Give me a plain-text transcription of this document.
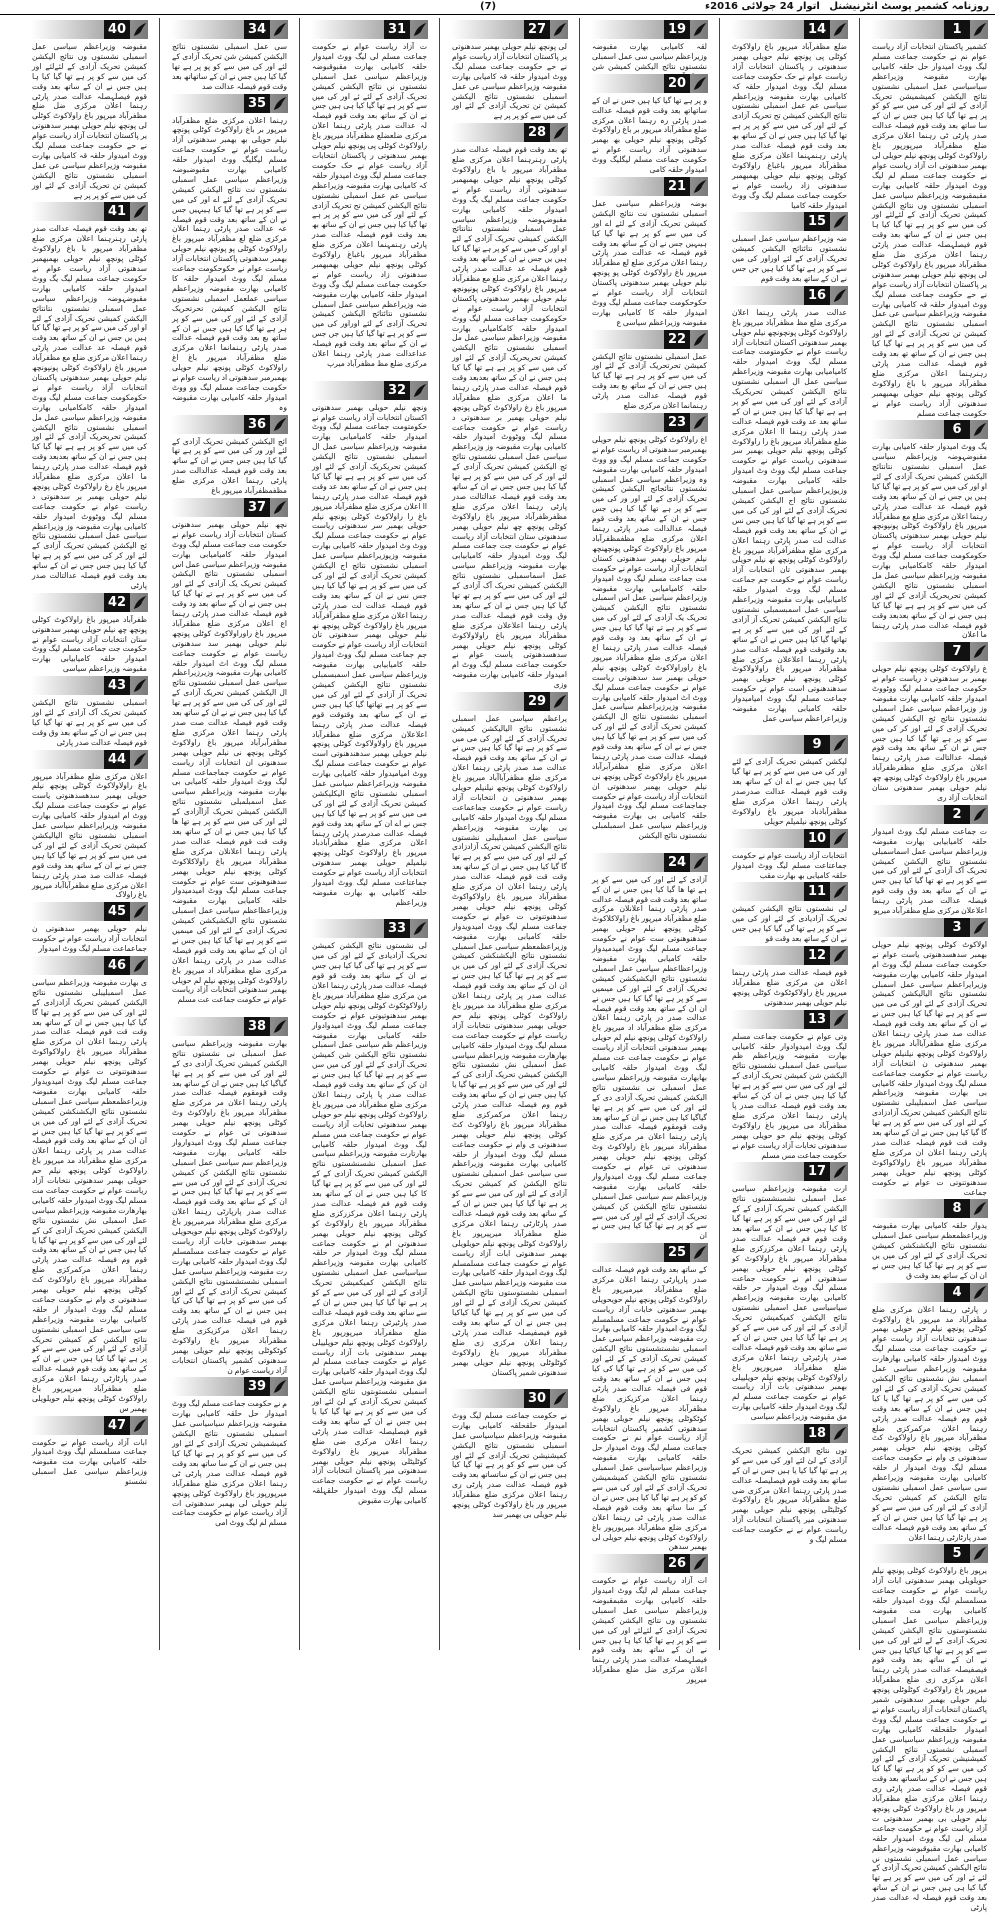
(7)	روزنامہ کشمیر پوسٹ انٹرنیشنل اتوار 24 جولائی 2016ء
1
کشمیر پاکستان انتخابات آزاد ریاست عوام نم نے حکومت جماعت مسلم لیگ ووٹ امیدوار حل حلقہ کامیابی بھارت مقبوضہ وزیراعظم سیاسیاسی عمل اسمبلی نشستوں نتائج الیکشن کمیشمیشن تحریک آزادی کے لئے اور کی میں سے کو کو پر ہے تھا گیا کیا ہیں جس نے ان کے سا ساتھ بعد وقت قوم فیصلہ عدالت صدر پارٹی ٹی رہنما اعلان مرکزی ضلع مظفرآباد میرپورپور باغ راولاکوٹ کوٹلی پونچھ نیلم حویلی لی بھمبر سدھنوتی ات آزاد ریاست عوام نے حکومت جماعت مسلم لم لیگ ووٹ امیدوار حلقہ کامیابی بھارت مقبمقبوضہ وزیراعظم سیاسی عمل اسمبلی نشستوں وں نتائج الیکشن کمیشن تحریک آزادی کے لئےلئے اور کی میں سے کو پر ہے تھا گیا کیا ہا ہیں جس نے ان کے ساتھ بعد وقت قوم فیصلہصلہ عدالت صدر پارٹی رہنما اعلان مرکزی ضل ضلع مظفرآباد میرپور باغ راولاکوٹ کوٹلی لی پونچھ نیلم حویلی بھمبر سدھنوتی یر پاکستان انتخابات آزاد ریاست عوام نے حے حکومت جماعت مسلم لیگ ووٹ امیدوار حلقہ قہ کامیابی بھارت مقبوضہ وزیراعظم سیاسی عی عمل اسمبلی نشستوں نتائج الیکشن کمیشن تن تحریک آزادی کے لئے اور کی میں سے کو پر پر ہے تھا گیا کیا ہیں جس نے ان کے ساتھ تھ بعد وقت قوم فیصلہ عدالت صدر پارٹی رہنرہنما اعلان مرکزی ضلع مظفرآباد میرپور با باغ راولاکوٹ کوٹلی پونچھ نیلم حویلی بھمبھمبر سدھنوتی آزاد ریاست عوام نے حکومت جماعت مسلم
6
یگ ووٹ امیدوار حلقہ کامیابی بھارت مقبوضہوضہ وزیراعظم سیاسی عمل اسمبلی نشستوں نتانتائج الیکشن کمیشن تحریک آزادی کے لئے او اور کی میں سے کو پر ہے تھا گیا کیا ہیں یں جس نے ان کے ساتھ بعد وقت قوم فیصلہ عد عدالت صدر پارٹی رہنما اعلان مرکزی ضلع مع مظفرآباد میرپور باغ راولاکوٹ کوٹلی پونپونچھ نیلم حویلی بھمبر سدھنوتی پاکستان انتخابات آزاد ریاست عوام نے حکومکومت جماعت مسلم لیگ ووٹ امیدوار حلقہ کامکامیابی بھارت مقبوضہ وزیراعظم سیاسی عمل مل اسمبلی نشستوں نتائج الیکشن کمیشن تحریحریک آزادی کے لئے اور کی میں سے کو پر ہے ہے تھا گیا کیا ہیں جس نے ان کے ساتھ بعدبعد وقت قوم فیصلہ عدالت صدر پارٹی رہنما ما اعلان
7
غ راولاکوٹ کوٹلی پونچھ نیلم حویلی بھمبر بر سدھنوتی د ریاست عوام نے حکومت جماعت مسلم لیگ ووٹووٹ امیدوار حلقہ کامیابی بھارت مقبوضہ وز وزیراعظم سیاسی عمل اسمبلی نشستوں نتائج ئج الیکشن کمیشن تحریک آزادی کے لئے اور کر کی میں سے کو پر ہے تھا گیا کیا ہیں جس جس نے ان کے ساتھ بعد وقت قوم فیصلہ عدالتالت صدر پارٹی رہنما اعلان مرکزی ضلع مظفرظفرآباد میرپور باغ راولاکوٹ کوٹلی پونچھ چھ نیلم حویلی بھمبر سدھنوتی ستان انتخابات آزاد ری
2
ت جماعت مسلم لیگ ووٹ امیدوار حلقہ کامیابیابی بھارت مقبوضہ وزیراعظم سیاسی عمل اسماسمبلی نشستوں نتائج الیکشن کمیشن تحریک آک آزادی کے لئے اور کی میں سے کو پر ہے تھ تھا گیا کیا ہیں جس نے ان کے ساتھ بعد وق وقت قوم فیصلہ عدالت صدر پارٹی رہنما اعلاعلان مرکزی ضلع مظفرآباد میرپو
3
اولاکوٹ کوٹلی پونچھ نیلم حویلی بھمبر سدھسدھنوتی یاست عوام نے حکومت جماعت مسلم لیگ ووٹ ام امیدوار حلقہ کامیابی بھارت مقبوضہ وزیرایراعظم سیاسی عمل اسمبلی نشستوں نتائج الیالیکشن کمیشن تحریک آزادی کے لئے اور کی می میں سے کو پر ہے تھا گیا کیا ہیں جس نے نے ان کے ساتھ بعد وقت قوم فیصلہ عدالت صد صدر پارٹی رہنما اعلان مرکزی ضلع مظفرآباآباد میرپور باغ راولاکوٹ کوٹلی پونچھ نیلنیلم حویلی بھمبر سدھنوتی ن انتخابات آزاد ریاست عوام نے حکومت جماعماعت مسلم لیگ ووٹ امیدوار حلقہ کامیابی بی بھارت مقبوضہ وزیراعظم سیاسی عمل اسمبلیبلی نشستوں نتائج الیکشن کمیشن تحریک آزادزادی کے لئے اور کی میں سے کو پر ہے تھا گا گیا کیا ہیں جس نے ان کے ساتھ بعد وقت قت قوم فیصلہ عدالت صدر پارٹی رہنما اعلان ان مرکزی ضلع مظفرآباد میرپور باغ راولاکواکوٹ کوٹلی پونچھ نیلم حویلی بھمبر سدھنوتنوتی ت عوام نے حکومت جماعت
8
یدوار حلقہ کامیابی بھارت مقبوضہ وزیراعظمعظم سیاسی عمل اسمبلی نشستوں نتائج الیکشنکشن کمیشن تحریک آزادی کے لئے اور کی میں یں سے کو پر ہے تھا گیا کیا ہیں جس نے ان ان کے ساتھ بعد وقت ق
4
ر پارٹی رہنما اعلان مرکزی ضلع مظفرآباد مد میرپور باغ راولاکوٹ کوٹلی پونچھ نیلم حم حویلی بھمبر سدھنوتی نتخابات آزاد ریاست عوام نے حکومت جماعت مت مسلم لیگ ووٹ امیدوار حلقہ کامیابی بھارھارت مقبوضہ وزیراعظم سیاسی عمل اسمبلی نش نشستوں نتائج الیکشن کمیشن تحریک آزادی کی کے لئے اور کی میں سے کو پر ہے تھا گیا یا کیا ہیں جس نے ان کے ساتھ بعد وقت قوم وم فیصلہ عدالت صدر پارٹی رہنما اعلان مرکمرکزی ضلع مظفرآباد میرپور باغ راولاکوٹ کٹ کوٹلی پونچھ نیلم حویلی بھمبر سدھنوتی ی وام نے حکومت جماعت مسلم لیگ ووٹ امیدوار ار حلقہ کامیابی بھارت مقبوضہ وزیراعظم سی سیاسی عمل اسمبلی نشستوں نتائج الیکشن کم کمیشن تحریک آزادی کے لئے اور کی میں سے سے کو پر ہے تھا گیا کیا ہیں جس نے ان کے کے ساتھ بعد وقت قوم فیصلہ عدالت صدر پارٹارٹی رہنما اعلان
5
یرپور باغ راولاکوٹ کوٹلی پونچھ نیلم حویلویلی بھمبر سدھنوتی ابات آزاد ریاست عوام نے حکومت جماعت مسلمسلم لیگ ووٹ امیدوار حلقہ کامیابی بھارت مت مقبوضہ وزیراعظم سیاسی عمل اسمبلی نشستوستوں نتائج الیکشن کمیشن تحریک آزادی کے لے لئے اور کی میں سے کو پر ہے تھا گیا کیاکیا ہیں جس نے ان کے ساتھ بعد وقت قوم فیصفیصلہ عدالت صدر پارٹی رہنما اعلان مرکزی زی ضلع مظفرآباد میرپور باغ راولاکوٹ کوٹلوٹلی پونچھ نیلم حویلی بھمبر سدھنوتی شمیر پاکستان انتخابات آزاد ریاست عوام نے نے حکومت جماعت مسلم لیگ ووٹ امیدوار حلقحلقہ کامیابی بھارت مقبوضہ وزیراعظم سیاسیاسی عمل اسمبلی نشستوں نتائج الیکشن کمیشنیشن تحریک آزادی کے لئے اور کی میں سے کو کو پر ہے تھا گیا کیا ہیں جس نے ان کے ساتساتھ بعد وقت قوم فیصلہ عدالت صدر پارٹی ری رہنما اعلان مرکزی ضلع مظفرآباد میرپور ور باغ راولاکوٹ کوٹلی پونچھ نیلم حویلی بی بھمبر سدھنوتی ت آزاد ریاست عوام نے حکومت جماعت مسلم لی لیگ ووٹ امیدوار حلقہ کامیابی بھارت مقبوقبوضہ وزیراعظم سیاسی عمل اسمبلی نشستوں نں نتائج الیکشن کمیشن تحریک آزادی کے لئے ئے اور کی میں سے کو پر ہے تھا گیا کیا ہی ہیں جس نے ان کے ساتھ بعد وقت قوم فیصلہ لہ عدالت صدر پارٹی
14
ضلع مظفرآباد میرپور باغ راولاکوٹ کوٹلی پی پونچھ نیلم حویلی بھمبر سدھنوتی ر پاکستان انتخابات آزاد ریاست عوام نے حک حکومت جماعت مسلم لیگ ووٹ امیدوار حلقہ کہ کامیابی بھارت مقبوضہ وزیراعظم سیاسی عم عمل اسمبلی نشستوں نتائج الیکشن کمیشن تح تحریک آزادی کے لئے اور کی میں سے کو پر پر ہے تھا گیا کیا ہیں جس نے ان کے ساتھ بھ بعد وقت قوم فیصلہ عدالت صدر پارٹی رہنمہنما اعلان مرکزی ضلع مظفرآباد میرپور باغباغ راولاکوٹ کوٹلی پونچھ نیلم حویلی بھمبھمبر سدھنوتی زاد ریاست عوام نے حکومت جماعت مسلم لیگ وگ ووٹ امیدوار حلقہ کامیا
15
ضہ وزیراعظم سیاسی عمل اسمبلی نشستوں نتائتائج الیکشن کمیشن تحریک آزادی کے لئے اوراور کی میں سے کو پر ہے تھا گیا کیا ہیں جں جس نے ان کے ساتھ بعد وقت قوم
16
عدالت صدر پارٹی رہنما اعلان مرکزی ضلع مظ مظفرآباد میرپور باغ راولاکوٹ کوٹلی پونچونچھ نیلم حویلی بھمبر سدھنوتی اکستان انتخابات آزاد ریاست عوام نے حکومتومت جماعت مسلم لیگ ووٹ امیدوار حلقہ کامیامیابی بھارت مقبوضہ وزیراعظم سیاسی عمل ال اسمبلی نشستوں نتائج الیکشن کمیشن تحریکریک آزادی کے لئے اور کی میں سے کو پر ہے ہے تھا گیا کیا ہیں جس نے ان کے ساتھ بعد عد وقت قوم فیصلہ عدالت صدر پارٹی رہنما اا اعلان مرکزی ضلع مظفرآباد میرپور باغ را راولاکوٹ کوٹلی پونچھ نیلم حویلی بھمبر سر سدھنوتی ریاست عوام نے حکومت جماعت مسلم لیگ ووٹ وٹ امیدوار حلقہ کامیابی بھارت مقبوضہ وزیوزیراعظم سیاسی عمل اسمبلی نشستوں نتائج اج الیکشن کمیشن تحریک آزادی کے لئے اور کی کی میں سے کو پر ہے تھا گیا کیا ہیں جس نس نے ان کے ساتھ بعد وقت قوم فیصلہ عدالت لت صدر پارٹی رہنما اعلان مرکزی ضلع مظفرآفرآباد میرپور باغ راولاکوٹ کوٹلی پونچھ نھ نیلم حویلی بھمبر سدھنوتی تان انتخابات آزاد ریاست عوام نے حکومت جم جماعت مسلم لیگ ووٹ امیدوار حلقہ کامیابیابی بھارت مقبوضہ وزیراعظم سیاسی عمل اسمبسمبلی نشستوں نتائج الیکشن کمیشن تحریک آز آزادی کے لئے اور کی میں سے کو پر ہے تھاتھا گیا کیا ہیں جس نے ان کے ساتھ بعد وقتوقت قوم فیصلہ عدالت صدر پارٹی رہنما اعلاعلان مرکزی ضلع مظفرآباد میرپور باغ راولاولاکوٹ کوٹلی پونچھ نیلم حویلی بھمبر سدھندھنوتی است عوام نے حکومت جماعت مسلم لیگ ووٹ امیامیدوار حلقہ کامیابی بھارت مقبوضہ وزیراعراعظم سیاسی عمل
9
لیکشن کمیشن تحریک آزادی کے لئے اور کی می میں سے کو پر ہے تھا گیا کیا ہیں جس نے اے ان کے ساتھ بعد وقت قوم فیصلہ عدالت صدرصدر پارٹی رہنما اعلان مرکزی ضلع مظفرآبادباد میرپور باغ راولاکوٹ کوٹلی پونچھ نیلمیلم حویلی
10
انتخابات آزاد ریاست عوام نے حکومت جماعتاعت مسلم لیگ ووٹ امیدوار حلقہ کامیابی بھ بھارت مقب
11
لی نشستوں نتائج الیکشن کمیشن تحریک آزادیادی کے لئے اور کی میں سے کو پر ہے تھا گی گیا کیا ہیں جس نے ان کے ساتھ بعد وقت قو
12
قوم فیصلہ عدالت صدر پارٹی رہنما اعلان من مرکزی ضلع مظفرآباد میرپور باغ راولاکوٹکوٹ کوٹلی پونچھ نیلم حویلی بھمبر سدھنوتی
13
وتی عوام نے حکومت جماعت مسلم لیگ ووٹ امیدوادوار حلقہ کامیابی بھارت مقبوضہ وزیراعظم ظم سیاسی عمل اسمبلی نشستوں نتائج الیکشن شن کمیشن تحریک آزادی کے لئے اور کی میں سں سے کو پر ہے تھا گیا کیا ہیں جس نے ان کن کے ساتھ بعد وقت قوم فیصلہ عدالت صدر پا پارٹی رہنما اعلان مرکزی ضلع مظفرآباد می میرپور باغ راولاکوٹ کوٹلی پونچھ نیلم حو حویلی بھمبر سدھنوتی تخابات آزاد ریاست عوام نے حکومت جماعت مس مسلم
17
ارت مقبوضہ وزیراعظم سیاسی عمل اسمبلی نشسنشستوں نتائج الیکشن کمیشن تحریک آزادی کے کے لئے اور کی میں سے کو پر ہے تھا گیا کا کیا ہیں جس نے ان کے ساتھ بعد وقت قوم فم فیصلہ عدالت صدر پارٹی رہنما اعلان مرکزرکزی ضلع مظفرآباد میرپور باغ راولاکوٹ کو کوٹلی پونچھ نیلم حویلی بھمبر سدھنوتی ام نے حکومت جماعت مسلم لیگ ووٹ امیدوار حر حلقہ کامیابی بھارت مقبوضہ وزیراعظم سیاسیاسی عمل اسمبلی نشستوں نتائج الیکشن کمیکمیشن تحریک آزادی کے لئے اور کی میں سے کے کو پر ہے تھا گیا کیا ہیں جس نے ان کے سے ساتھ بعد وقت قوم فیصلہ عدالت صدر پارٹیرٹی رہنما اعلان مرکزی ضلع مظفرآباد میرپورپور باغ راولاکوٹ کوٹلی پونچھ نیلم حویلییلی بھمبر سدھنوتی بات آزاد ریاست عوام نے حکومت جماعت مسلم لم لیگ ووٹ امیدوار حلقہ کامیابی بھارت مق مقبوضہ وزیراعظم سیاسی
18
توں نتائج الیکشن کمیشن تحریک آزادی کے لئ لئے اور کی میں سے کو پر ہے تھا گیا کیا یا ہیں جس نے ان کے ساتھ بعد وقت قوم فیصلیصلہ عدالت صدر پارٹی رہنما اعلان مرکزی ضی ضلع مظفرآباد میرپور باغ راولاکوٹ کوٹلیٹلی پونچھ نیلم حویلی بھمبر سدھنوتی میر پاکستان انتخابات آزاد ریاست عوام نے نے حکومت جماعت مسلم لیگ و
19
لقہ کامیابی بھارت مقبوضہ وزیراعظم سیاسی سی عمل اسمبلی نشستوں نتائج الیکشن کمیشن شن
20
و پر ہے تھا گیا کیا ہیں جس نے ان کے ساتھاتھ بعد وقت قوم فیصلہ عدالت صدر پارٹی رہ رہنما اعلان مرکزی ضلع مظفرآباد میرپور بر باغ راولاکوٹ کوٹلی پونچھ نیلم حویلی بھ بھمبر سدھنوتی آزاد ریاست عوام نے حکومت جماعت مسلم لیگلیگ ووٹ امیدوار حلقہ کامی
21
بوضہ وزیراعظم سیاسی عمل اسمبلی نشستوں نت نتائج الیکشن کمیشن تحریک آزادی کے لئے اے اور کی میں سے کو پر ہے تھا گیا کیا ہیںہیں جس نے ان کے ساتھ بعد وقت قوم فیصلہ عہ عدالت صدر پارٹی رہنما اعلان مرکزی ضلع لع مظفرآباد میرپور باغ راولاکوٹ کوٹلی پو پونچھ نیلم حویلی بھمبر سدھنوتی پاکستان انتخابات آزاد ریاست عوام نے حکوحکومت جماعت مسلم لیگ ووٹ امیدوار حلقہ کا کامیابی بھارت مقبوضہ وزیراعظم سیاسی ع
22
عمل اسمبلی نشستوں نتائج الیکشن کمیشن تحرتحریک آزادی کے لئے اور کی میں سے کو پر ہر ہے تھا گیا کیا ہیں جس نے ان کے ساتھ بع بعد وقت قوم فیصلہ عدالت صدر پارٹی رہنمانما اعلان مرکزی ضلع
23
اغ راولاکوٹ کوٹلی پونچھ نیلم حویلی بھمبرمبر سدھنوتی اد ریاست عوام نے حکومت جماعت مسلم لیگ وو ووٹ امیدوار حلقہ کامیابی بھارت مقبوضہ وہ وزیراعظم سیاسی عمل اسمبلی نشستوں نتائجائج الیکشن کمیشن تحریک آزادی کے لئے اور ور کی میں سے کو پر ہے تھا گیا کیا ہیں جس جس نے ان کے ساتھ بعد وقت قوم فیصلہ عدالدالت صدر پارٹی رہنما اعلان مرکزی ضلع مظفمظفرآباد میرپور باغ راولاکوٹ کوٹلی پونچھنچھ نیلم حویلی بھمبر سدھنوتی کستان انتخابات آزاد ریاست عوام نے حکومت مت جماعت مسلم لیگ ووٹ امیدوار حلقہ کامیامیابی بھارت مقبوضہ وزیراعظم سیاسی عمل اس اسمبلی نشستوں نتائج الیکشن کمیشن تحریک یک آزادی کے لئے اور کی میں سے کو پر ہے تے تھا گیا کیا ہیں جس نے ان کے ساتھ بعد ود وقت قوم فیصلہ عدالت صدر پارٹی رہنما اع اعلان مرکزی ضلع مظفرآباد میرپور باغ راوراولاکوٹ کوٹلی پونچھ نیلم حویلی بھمبر سد سدھنوتی ریاست عوام نے حکومت جماعت مسلم لیگ ووٹ اٹ امیدوار حلقہ کامیابی بھارت مقبوضہ وزیرزیراعظم سیاسی عمل اسمبلی نشستوں نتائج ال الیکشن کمیشن تحریک آزادی کے لئے اور کی کی میں سے کو پر ہے تھا گیا کیا ہیں جس نے نے ان کے ساتھ بعد وقت قوم فیصلہ عدالت صت صدر پارٹی رہنما اعلان مرکزی ضلع مظفرآبرآباد میرپور باغ راولاکوٹ کوٹلی پونچھ نی نیلم حویلی بھمبر سدھنوتی ان انتخابات آزاد ریاست عوام نے حکومت جماجماعت مسلم لیگ ووٹ امیدوار حلقہ کامیابی بی بھارت مقبوضہ وزیراعظم سیاسی عمل اسمبلمبلی نشستوں نتائج الیکشن
24
آزادی کے لئے اور کی میں سے کو پر ہے تھا ھا گیا کیا ہیں جس نے ان کے ساتھ بعد وقت قت قوم فیصلہ عدالت صدر پارٹی رہنما اعلانلان مرکزی ضلع مظفرآباد میرپور باغ راولاکلاکوٹ کوٹلی پونچھ نیلم حویلی بھمبر سدھنوھنوتی ست عوام نے حکومت جماعت مسلم لیگ ووٹ امیدمیدوار حلقہ کامیابی بھارت مقبوضہ وزیراعظاعظم سیاسی عمل اسمبلی نشستوں نتائج الیکشیکشن کمیشن تحریک آزادی کے لئے اور کی میںمیں سے کو پر ہے تھا گیا کیا ہیں جس نے ان ان کے ساتھ بعد وقت قوم فیصلہ عدالت صدر در پارٹی رہنما اعلان مرکزی ضلع مظفرآباد اد میرپور باغ راولاکوٹ کوٹلی پونچھ نیلم لم حویلی بھمبر سدھنوتی انتخابات آزاد ریاست عوام نے حکومت جماعت عت مسلم لیگ ووٹ امیدوار حلقہ کامیابی بھابھارت مقبوضہ وزیراعظم سیاسی عمل اسمبلی نی نشستوں نتائج الیکشن کمیشن تحریک آزادی دی کے لئے اور کی میں سے کو پر ہے تھا گیاگیا کیا ہیں جس نے ان کے ساتھ بعد وقت قومقوم فیصلہ عدالت صدر پارٹی رہنما اعلان مر مرکزی ضلع مظفرآباد میرپور باغ راولاکوٹ وٹ کوٹلی پونچھ نیلم حویلی بھمبر سدھنوتی تی عوام نے حکومت جماعت مسلم لیگ ووٹ امیدواروار حلقہ کامیابی بھارت مقبوضہ وزیراعظم سم سیاسی عمل اسمبلی نشستوں نتائج الیکشن کن کمیشن تحریک آزادی کے لئے اور کی میں سے سے کو پر ہے تھا گیا کیا ہیں جس نے ان
25
کے ساتھ بعد وقت قوم فیصلہ عدالت صدر پارپارٹی رہنما اعلان مرکزی ضلع مظفرآباد میرمیرپور باغ راولاکوٹ کوٹلی پونچھ نیلم حویحویلی بھمبر سدھنوتی خابات آزاد ریاست عوام نے حکومت جماعت مسلمسلم لیگ ووٹ امیدوار حلقہ کامیابی بھارت رت مقبوضہ وزیراعظم سیاسی عمل اسمبلی نشستشستوں نتائج الیکشن کمیشن تحریک آزادی کے کے لئے اور کی میں سے کو پر ہے تھا گیا کی کیا ہیں جس نے ان کے ساتھ بعد وقت قوم فی فیصلہ عدالت صدر پارٹی رہنما اعلان مرکزیکزی ضلع مظفرآباد میرپور باغ راولاکوٹ کوٹکوٹلی پونچھ نیلم حویلی بھمبر سدھنوتی کشمیر پاکستان انتخابات آزاد ریاست عوام نم نے حکومت جماعت مسلم لیگ ووٹ امیدوار حل حلقہ کامیابی بھارت مقبوضہ وزیراعظم سیاسیاسی عمل اسمبلی نشستوں نتائج الیکشن کمیشمیشن تحریک آزادی کے لئے اور کی میں سے کو کو پر ہے تھا گیا کیا ہیں جس نے ان کے سا ساتھ بعد وقت قوم فیصلہ عدالت صدر پارٹی ٹی رہنما اعلان مرکزی ضلع مظفرآباد میرپورپور باغ راولاکوٹ کوٹلی پونچھ نیلم حویلی لی بھمبر سدھن
26
ات آزاد ریاست عوام نے حکومت جماعت مسلم لم لیگ ووٹ امیدوار حلقہ کامیابی بھارت مقبمقبوضہ وزیراعظم سیاسی عمل اسمبلی نشستوں وں نتائج الیکشن کمیشن تحریک آزادی کے لئےلئے اور کی میں سے کو پر ہے تھا گیا کیا ہا ہیں جس نے ان کے ساتھ بعد وقت قوم فیصلہصلہ عدالت صدر پارٹی رہنما اعلان مرکزی ضل ضلع مظفرآباد میرپور
27
لی پونچھ نیلم حویلی بھمبر سدھنوتی یر پاکستان انتخابات آزاد ریاست عوام نے حے حکومت جماعت مسلم لیگ ووٹ امیدوار حلقہ قہ کامیابی بھارت مقبوضہ وزیراعظم سیاسی عی عمل اسمبلی نشستوں نتائج الیکشن کمیشن تن تحریک آزادی کے لئے اور کی میں سے کو پر پر ہے
28
تھ بعد وقت قوم فیصلہ عدالت صدر پارٹی رہنرہنما اعلان مرکزی ضلع مظفرآباد میرپور با باغ راولاکوٹ کوٹلی پونچھ نیلم حویلی بھمبھمبر سدھنوتی آزاد ریاست عوام نے حکومت جماعت مسلم لیگ یگ ووٹ امیدوار حلقہ کامیابی بھارت مقبوضہوضہ وزیراعظم سیاسی عمل اسمبلی نشستوں نتانتائج الیکشن کمیشن تحریک آزادی کے لئے او اور کی میں سے کو پر ہے تھا گیا کیا ہیں یں جس نے ان کے ساتھ بعد وقت قوم فیصلہ عد عدالت صدر پارٹی رہنما اعلان مرکزی ضلع مع مظفرآباد میرپور باغ راولاکوٹ کوٹلی پونپونچھ نیلم حویلی بھمبر سدھنوتی پاکستان انتخابات آزاد ریاست عوام نے حکومکومت جماعت مسلم لیگ ووٹ امیدوار حلقہ کامکامیابی بھارت مقبوضہ وزیراعظم سیاسی عمل مل اسمبلی نشستوں نتائج الیکشن کمیشن تحریحریک آزادی کے لئے اور کی میں سے کو پر ہے ہے تھا گیا کیا ہیں جس نے ان کے ساتھ بعدبعد وقت قوم فیصلہ عدالت صدر پارٹی رہنما ما اعلان مرکزی ضلع مظفرآباد میرپور باغ رغ راولاکوٹ کوٹلی پونچھ نیلم حویلی بھمبر بر سدھنوتی د ریاست عوام نے حکومت جماعت مسلم لیگ ووٹووٹ امیدوار حلقہ کامیابی بھارت مقبوضہ وز وزیراعظم سیاسی عمل اسمبلی نشستوں نتائج ئج الیکشن کمیشن تحریک آزادی کے لئے اور کر کی میں سے کو پر ہے تھا گیا کیا ہیں جس جس نے ان کے ساتھ بعد وقت قوم فیصلہ عدالتالت صدر پارٹی رہنما اعلان مرکزی ضلع مظفرظفرآباد میرپور باغ راولاکوٹ کوٹلی پونچھ چھ نیلم حویلی بھمبر سدھنوتی ستان انتخابات آزاد ریاست عوام نے حکومت جت جماعت مسلم لیگ ووٹ امیدوار حلقہ کامیابیابی بھارت مقبوضہ وزیراعظم سیاسی عمل اسماسمبلی نشستوں نتائج الیکشن کمیشن تحریک آک آزادی کے لئے اور کی میں سے کو پر ہے تھ تھا گیا کیا ہیں جس نے ان کے ساتھ بعد وق وقت قوم فیصلہ عدالت صدر پارٹی رہنما اعلاعلان مرکزی ضلع مظفرآباد میرپور باغ راولاولاکوٹ کوٹلی پونچھ نیلم حویلی بھمبر سدھسدھنوتی یاست عوام نے حکومت جماعت مسلم لیگ ووٹ ام امیدوار حلقہ کامیابی بھارت مقبوضہ وزی
29
یراعظم سیاسی عمل اسمبلی نشستوں نتائج الیالیکشن کمیشن تحریک آزادی کے لئے اور کی می میں سے کو پر ہے تھا گیا کیا ہیں جس نے نے ان کے ساتھ بعد وقت قوم فیصلہ عدالت صد صدر پارٹی رہنما اعلان مرکزی ضلع مظفرآباآباد میرپور باغ راولاکوٹ کوٹلی پونچھ نیلنیلم حویلی بھمبر سدھنوتی ن انتخابات آزاد ریاست عوام نے حکومت جماعماعت مسلم لیگ ووٹ امیدوار حلقہ کامیابی بی بھارت مقبوضہ وزیراعظم سیاسی عمل اسمبلیبلی نشستوں نتائج الیکشن کمیشن تحریک آزادزادی کے لئے اور کی میں سے کو پر ہے تھا گا گیا کیا ہیں جس نے ان کے ساتھ بعد وقت قت قوم فیصلہ عدالت صدر پارٹی رہنما اعلان ان مرکزی ضلع مظفرآباد میرپور باغ راولاکواکوٹ کوٹلی پونچھ نیلم حویلی بھمبر سدھنوتنوتی ت عوام نے حکومت جماعت مسلم لیگ ووٹ امیدویدوار حلقہ کامیابی بھارت مقبوضہ وزیراعظمعظم سیاسی عمل اسمبلی نشستوں نتائج الیکشنکشن کمیشن تحریک آزادی کے لئے اور کی میں یں سے کو پر ہے تھا گیا کیا ہیں جس نے ان ان کے ساتھ بعد وقت قوم فیصلہ عدالت صدر پر پارٹی رہنما اعلان مرکزی ضلع مظفرآباد مد میرپور باغ راولاکوٹ کوٹلی پونچھ نیلم حم حویلی بھمبر سدھنوتی نتخابات آزاد ریاست عوام نے حکومت جماعت مت مسلم لیگ ووٹ امیدوار حلقہ کامیابی بھارھارت مقبوضہ وزیراعظم سیاسی عمل اسمبلی نش نشستوں نتائج الیکشن کمیشن تحریک آزادی کی کے لئے اور کی میں سے کو پر ہے تھا گیا یا کیا ہیں جس نے ان کے ساتھ بعد وقت قوم وم فیصلہ عدالت صدر پارٹی رہنما اعلان مرکمرکزی ضلع مظفرآباد میرپور باغ راولاکوٹ کٹ کوٹلی پونچھ نیلم حویلی بھمبر سدھنوتی ی وام نے حکومت جماعت مسلم لیگ ووٹ امیدوار ار حلقہ کامیابی بھارت مقبوضہ وزیراعظم سی سیاسی عمل اسمبلی نشستوں نتائج الیکشن کم کمیشن تحریک آزادی کے لئے اور کی میں سے سے کو پر ہے تھا گیا کیا ہیں جس نے ان کے کے ساتھ بعد وقت قوم فیصلہ عدالت صدر پارٹارٹی رہنما اعلان مرکزی ضلع مظفرآباد میرپیرپور باغ راولاکوٹ کوٹلی پونچھ نیلم حویلویلی بھمبر سدھنوتی ابات آزاد ریاست عوام نے حکومت جماعت مسلمسلم لیگ ووٹ امیدوار حلقہ کامیابی بھارت مت مقبوضہ وزیراعظم سیاسی عمل اسمبلی نشستوستوں نتائج الیکشن کمیشن تحریک آزادی کے لے لئے اور کی میں سے کو پر ہے تھا گیا کیاکیا ہیں جس نے ان کے ساتھ بعد وقت قوم فیصفیصلہ عدالت صدر پارٹی رہنما اعلان مرکزی زی ضلع مظفرآباد میرپور باغ راولاکوٹ کوٹلوٹلی پونچھ نیلم حویلی بھمبر سدھنوتی شمیر پاکستان
30
نے حکومت جماعت مسلم لیگ ووٹ امیدوار حلقحلقہ کامیابی بھارت مقبوضہ وزیراعظم سیاسیاسی عمل اسمبلی نشستوں نتائج الیکشن کمیشنیشن تحریک آزادی کے لئے اور کی میں سے کو کو پر ہے تھا گیا کیا ہیں جس نے ان کے ساتساتھ بعد وقت قوم فیصلہ عدالت صدر پارٹی ری رہنما اعلان مرکزی ضلع مظفرآباد میرپور ور باغ راولاکوٹ کوٹلی پونچھ نیلم حویلی بی بھمبر سد
31
ت آزاد ریاست عوام نے حکومت جماعت مسلم لی لیگ ووٹ امیدوار حلقہ کامیابی بھارت مقبوقبوضہ وزیراعظم سیاسی عمل اسمبلی نشستوں نں نتائج الیکشن کمیشن تحریک آزادی کے لئے ئے اور کی میں سے کو پر ہے تھا گیا کیا ہی ہیں جس نے ان کے ساتھ بعد وقت قوم فیصلہ لہ عدالت صدر پارٹی رہنما اعلان مرکزی ضلعضلع مظفرآباد میرپور باغ راولاکوٹ کوٹلی پی پونچھ نیلم حویلی بھمبر سدھنوتی ر پاکستان انتخابات آزاد ریاست عوام نے حک حکومت جماعت مسلم لیگ ووٹ امیدوار حلقہ کہ کامیابی بھارت مقبوضہ وزیراعظم سیاسی عم عمل اسمبلی نشستوں نتائج الیکشن کمیشن تح تحریک آزادی کے لئے اور کی میں سے کو پر پر ہے تھا گیا کیا ہیں جس نے ان کے ساتھ بھ بعد وقت قوم فیصلہ عدالت صدر پارٹی رہنمہنما اعلان مرکزی ضلع مظفرآباد میرپور باغباغ راولاکوٹ کوٹلی پونچھ نیلم حویلی بھمبھمبر سدھنوتی زاد ریاست عوام نے حکومت جماعت مسلم لیگ وگ ووٹ امیدوار حلقہ کامیابی بھارت مقبوضہ ضہ وزیراعظم سیاسی عمل اسمبلی نشستوں نتائتائج الیکشن کمیشن تحریک آزادی کے لئے اوراور کی میں سے کو پر ہے تھا گیا کیا ہیں جں جس نے ان کے ساتھ بعد وقت قوم فیصلہ عداعدالت صدر پارٹی رہنما اعلان مرکزی ضلع مظ مظفرآباد میرپ
32
ونچھ نیلم حویلی بھمبر سدھنوتی اکستان انتخابات آزاد ریاست عوام نے حکومتومت جماعت مسلم لیگ ووٹ امیدوار حلقہ کامیامیابی بھارت مقبوضہ وزیراعظم سیاسی عمل ال اسمبلی نشستوں نتائج الیکشن کمیشن تحریکریک آزادی کے لئے اور کی میں سے کو پر ہے ہے تھا گیا کیا ہیں جس نے ان کے ساتھ بعد عد وقت قوم فیصلہ عدالت صدر پارٹی رہنما اا اعلان مرکزی ضلع مظفرآباد میرپور باغ را راولاکوٹ کوٹلی پونچھ نیلم حویلی بھمبر سر سدھنوتی ریاست عوام نے حکومت جماعت مسلم لیگ ووٹ وٹ امیدوار حلقہ کامیابی بھارت مقبوضہ وزیوزیراعظم سیاسی عمل اسمبلی نشستوں نتائج اج الیکشن کمیشن تحریک آزادی کے لئے اور کی کی میں سے کو پر ہے تھا گیا کیا ہیں جس نس نے ان کے ساتھ بعد وقت قوم فیصلہ عدالت لت صدر پارٹی رہنما اعلان مرکزی ضلع مظفرآفرآباد میرپور باغ راولاکوٹ کوٹلی پونچھ نھ نیلم حویلی بھمبر سدھنوتی تان انتخابات آزاد ریاست عوام نے حکومت جم جماعت مسلم لیگ ووٹ امیدوار حلقہ کامیابیابی بھارت مقبوضہ وزیراعظم سیاسی عمل اسمبسمبلی نشستوں نتائج الیکشن کمیشن تحریک آز آزادی کے لئے اور کی میں سے کو پر ہے تھاتھا گیا کیا ہیں جس نے ان کے ساتھ بعد وقتوقت قوم فیصلہ عدالت صدر پارٹی رہنما اعلاعلان مرکزی ضلع مظفرآباد میرپور باغ راولاولاکوٹ کوٹلی پونچھ نیلم حویلی بھمبر سدھندھنوتی است عوام نے حکومت جماعت مسلم لیگ ووٹ امیامیدوار حلقہ کامیابی بھارت مقبوضہ وزیراعراعظم سیاسی عمل اسمبلی نشستوں نتائج الیکلیکشن کمیشن تحریک آزادی کے لئے اور کی می میں سے کو پر ہے تھا گیا کیا ہیں جس نے اے ان کے ساتھ بعد وقت قوم فیصلہ عدالت صدرصدر پارٹی رہنما اعلان مرکزی ضلع مظفرآبادباد میرپور باغ راولاکوٹ کوٹلی پونچھ نیلمیلم حویلی بھمبر سدھنوتی انتخابات آزاد ریاست عوام نے حکومت جماعتاعت مسلم لیگ ووٹ امیدوار حلقہ کامیابی بھ بھارت مقبوضہ وزیراعظم
33
لی نشستوں نتائج الیکشن کمیشن تحریک آزادیادی کے لئے اور کی میں سے کو پر ہے تھا گی گیا کیا ہیں جس نے ان کے ساتھ بعد وقت قو قوم فیصلہ عدالت صدر پارٹی رہنما اعلان من مرکزی ضلع مظفرآباد میرپور باغ راولاکوٹکوٹ کوٹلی پونچھ نیلم حویلی بھمبر سدھنوتیوتی عوام نے حکومت جماعت مسلم لیگ ووٹ امیدوادوار حلقہ کامیابی بھارت مقبوضہ وزیراعظم ظم سیاسی عمل اسمبلی نشستوں نتائج الیکشن شن کمیشن تحریک آزادی کے لئے اور کی میں سں سے کو پر ہے تھا گیا کیا ہیں جس نے ان کن کے ساتھ بعد وقت قوم فیصلہ عدالت صدر پا پارٹی رہنما اعلان مرکزی ضلع مظفرآباد می میرپور باغ راولاکوٹ کوٹلی پونچھ نیلم حو حویلی بھمبر سدھنوتی تخابات آزاد ریاست عوام نے حکومت جماعت مس مسلم لیگ ووٹ امیدوار حلقہ کامیابی بھارتارت مقبوضہ وزیراعظم سیاسی عمل اسمبلی نشسنشستوں نتائج الیکشن کمیشن تحریک آزادی کے کے لئے اور کی میں سے کو پر ہے تھا گیا کا کیا ہیں جس نے ان کے ساتھ بعد وقت قوم فم فیصلہ عدالت صدر پارٹی رہنما اعلان مرکزرکزی ضلع مظفرآباد میرپور باغ راولاکوٹ کو کوٹلی پونچھ نیلم حویلی بھمبر سدھنوتی ام نے حکومت جماعت مسلم لیگ ووٹ امیدوار حر حلقہ کامیابی بھارت مقبوضہ وزیراعظم سیاسیاسی عمل اسمبلی نشستوں نتائج الیکشن کمیکمیشن تحریک آزادی کے لئے اور کی میں سے کے کو پر ہے تھا گیا کیا ہیں جس نے ان کے سے ساتھ بعد وقت قوم فیصلہ عدالت صدر پارٹیرٹی رہنما اعلان مرکزی ضلع مظفرآباد میرپورپور باغ راولاکوٹ کوٹلی پونچھ نیلم حویلییلی بھمبر سدھنوتی بات آزاد ریاست عوام نے حکومت جماعت مسلم لم لیگ ووٹ امیدوار حلقہ کامیابی بھارت مق مقبوضہ وزیراعظم سیاسی عمل اسمبلی نشستوںتوں نتائج الیکشن کمیشن تحریک آزادی کے لئ لئے اور کی میں سے کو پر ہے تھا گیا کیا یا ہیں جس نے ان کے ساتھ بعد وقت قوم فیصلیصلہ عدالت صدر پارٹی رہنما اعلان مرکزی ضی ضلع مظفرآباد میرپور باغ راولاکوٹ کوٹلیٹلی پونچھ نیلم حویلی بھمبر سدھنوتی میر پاکستان انتخابات آزاد ریاست عوام نے نے حکومت جماعت مسلم لیگ ووٹ امیدوار حلقہلقہ کامیابی بھارت مقبوض
34
سی عمل اسمبلی نشستوں نتائج الیکشن کمیشن شن تحریک آزادی کے لئے اور کی میں سے کو پو پر ہے تھا گیا کیا ہیں جس نے ان کے ساتھاتھ بعد وقت قوم فیصلہ عدالت صد
35
رہنما اعلان مرکزی ضلع مظفرآباد میرپور بر باغ راولاکوٹ کوٹلی پونچھ نیلم حویلی بھ بھمبر سدھنوتی آزاد ریاست عوام نے حکومت جماعت مسلم لیگلیگ ووٹ امیدوار حلقہ کامیابی بھارت مقبوضبوضہ وزیراعظم سیاسی عمل اسمبلی نشستوں نت نتائج الیکشن کمیشن تحریک آزادی کے لئے اے اور کی میں سے کو پر ہے تھا گیا کیا ہیںہیں جس نے ان کے ساتھ بعد وقت قوم فیصلہ عہ عدالت صدر پارٹی رہنما اعلان مرکزی ضلع لع مظفرآباد میرپور باغ راولاکوٹ کوٹلی پو پونچھ نیلم حویلی بھمبر سدھنوتی پاکستان انتخابات آزاد ریاست عوام نے حکوحکومت جماعت مسلم لیگ ووٹ امیدوار حلقہ کا کامیابی بھارت مقبوضہ وزیراعظم سیاسی عملعمل اسمبلی نشستوں نتائج الیکشن کمیشن تحرتحریک آزادی کے لئے اور کی میں سے کو پر ہر ہے تھا گیا کیا ہیں جس نے ان کے ساتھ بع بعد وقت قوم فیصلہ عدالت صدر پارٹی رہنمانما اعلان مرکزی ضلع مظفرآباد میرپور باغ اغ راولاکوٹ کوٹلی پونچھ نیلم حویلی بھمبرمبر سدھنوتی اد ریاست عوام نے حکومت جماعت مسلم لیگ وو ووٹ امیدوار حلقہ کامیابی بھارت مقبوضہ وہ
36
ائج الیکشن کمیشن تحریک آزادی کے لئے اور ور کی میں سے کو پر ہے تھا گیا کیا ہیں جس جس نے ان کے ساتھ بعد وقت قوم فیصلہ عدالدالت صدر پارٹی رہنما اعلان مرکزی ضلع مظفمظفرآباد میرپور باغ
37
نچھ نیلم حویلی بھمبر سدھنوتی کستان انتخابات آزاد ریاست عوام نے حکومت مت جماعت مسلم لیگ ووٹ امیدوار حلقہ کامیامیابی بھارت مقبوضہ وزیراعظم سیاسی عمل اس اسمبلی نشستوں نتائج الیکشن کمیشن تحریک یک آزادی کے لئے اور کی میں سے کو پر ہے تے تھا گیا کیا ہیں جس نے ان کے ساتھ بعد ود وقت قوم فیصلہ عدالت صدر پارٹی رہنما اع اعلان مرکزی ضلع مظفرآباد میرپور باغ راوراولاکوٹ کوٹلی پونچھ نیلم حویلی بھمبر سد سدھنوتی ریاست عوام نے حکومت جماعت مسلم لیگ ووٹ اٹ امیدوار حلقہ کامیابی بھارت مقبوضہ وزیرزیراعظم سیاسی عمل اسمبلی نشستوں نتائج ال الیکشن کمیشن تحریک آزادی کے لئے اور کی کی میں سے کو پر ہے تھا گیا کیا ہیں جس نے نے ان کے ساتھ بعد وقت قوم فیصلہ عدالت صت صدر پارٹی رہنما اعلان مرکزی ضلع مظفرآبرآباد میرپور باغ راولاکوٹ کوٹلی پونچھ نی نیلم حویلی بھمبر سدھنوتی ان انتخابات آزاد ریاست عوام نے حکومت جماجماعت مسلم لیگ ووٹ امیدوار حلقہ کامیابی بی بھارت مقبوضہ وزیراعظم سیاسی عمل اسمبلمبلی نشستوں نتائج الیکشن کمیشن تحریک آزاآزادی کے لئے اور کی میں سے کو پر ہے تھا ھا گیا کیا ہیں جس نے ان کے ساتھ بعد وقت قت قوم فیصلہ عدالت صدر پارٹی رہنما اعلانلان مرکزی ضلع مظفرآباد میرپور باغ راولاکلاکوٹ کوٹلی پونچھ نیلم حویلی بھمبر سدھنوھنوتی ست عوام نے حکومت جماعت مسلم لیگ ووٹ امیدمیدوار حلقہ کامیابی بھارت مقبوضہ وزیراعظاعظم سیاسی عمل اسمبلی نشستوں نتائج الیکشیکشن کمیشن تحریک آزادی کے لئے اور کی میںمیں سے کو پر ہے تھا گیا کیا ہیں جس نے ان ان کے ساتھ بعد وقت قوم فیصلہ عدالت صدر در پارٹی رہنما اعلان مرکزی ضلع مظفرآباد اد میرپور باغ راولاکوٹ کوٹلی پونچھ نیلم لم حویلی بھمبر سدھنوتی انتخابات آزاد ریاست عوام نے حکومت جماعت عت مسلم
38
بھارت مقبوضہ وزیراعظم سیاسی عمل اسمبلی نی نشستوں نتائج الیکشن کمیشن تحریک آزادی دی کے لئے اور کی میں سے کو پر ہے تھا گیاگیا کیا ہیں جس نے ان کے ساتھ بعد وقت قومقوم فیصلہ عدالت صدر پارٹی رہنما اعلان مر مرکزی ضلع مظفرآباد میرپور باغ راولاکوٹ وٹ کوٹلی پونچھ نیلم حویلی بھمبر سدھنوتی تی عوام نے حکومت جماعت مسلم لیگ ووٹ امیدواروار حلقہ کامیابی بھارت مقبوضہ وزیراعظم سم سیاسی عمل اسمبلی نشستوں نتائج الیکشن کن کمیشن تحریک آزادی کے لئے اور کی میں سے سے کو پر ہے تھا گیا کیا ہیں جس نے ان کے کے ساتھ بعد وقت قوم فیصلہ عدالت صدر پارپارٹی رہنما اعلان مرکزی ضلع مظفرآباد میرمیرپور باغ راولاکوٹ کوٹلی پونچھ نیلم حویحویلی بھمبر سدھنوتی خابات آزاد ریاست عوام نے حکومت جماعت مسلمسلم لیگ ووٹ امیدوار حلقہ کامیابی بھارت رت مقبوضہ وزیراعظم سیاسی عمل اسمبلی نشستشستوں نتائج الیکشن کمیشن تحریک آزادی کے کے لئے اور کی میں سے کو پر ہے تھا گیا کی کیا ہیں جس نے ان کے ساتھ بعد وقت قوم فی فیصلہ عدالت صدر پارٹی رہنما اعلان مرکزیکزی ضلع مظفرآباد میرپور باغ راولاکوٹ کوٹکوٹلی پونچھ نیلم حویلی بھمبر سدھنوتی کشمیر پاکستان انتخابات آزاد ریاست عوام ن
39
م نے حکومت جماعت مسلم لیگ ووٹ امیدوار حل حلقہ کامیابی بھارت مقبوضہ وزیراعظم سیاسیاسی عمل اسمبلی نشستوں نتائج الیکشن کمیشمیشن تحریک آزادی کے لئے اور کی میں سے کو کو پر ہے تھا گیا کیا ہیں جس نے ان کے سا ساتھ بعد وقت قوم فیصلہ عدالت صدر پارٹی ٹی رہنما اعلان مرکزی ضلع مظفرآباد میرپورپور باغ راولاکوٹ کوٹلی پونچھ نیلم حویلی لی بھمبر سدھنوتی ات آزاد ریاست عوام نے حکومت جماعت مسلم لم لیگ ووٹ امی
40
مقبوضہ وزیراعظم سیاسی عمل اسمبلی نشستوں وں نتائج الیکشن کمیشن تحریک آزادی کے لئےلئے اور کی میں سے کو پر ہے تھا گیا کیا ہا ہیں جس نے ان کے ساتھ بعد وقت قوم فیصلہصلہ عدالت صدر پارٹی رہنما اعلان مرکزی ضل ضلع مظفرآباد میرپور باغ راولاکوٹ کوٹلی لی پونچھ نیلم حویلی بھمبر سدھنوتی یر پاکستان انتخابات آزاد ریاست عوام نے حے حکومت جماعت مسلم لیگ ووٹ امیدوار حلقہ قہ کامیابی بھارت مقبوضہ وزیراعظم سیاسی عی عمل اسمبلی نشستوں نتائج الیکشن کمیشن تن تحریک آزادی کے لئے اور کی میں سے کو پر پر ہے
41
تھ بعد وقت قوم فیصلہ عدالت صدر پارٹی رہنرہنما اعلان مرکزی ضلع مظفرآباد میرپور با باغ راولاکوٹ کوٹلی پونچھ نیلم حویلی بھمبھمبر سدھنوتی آزاد ریاست عوام نے حکومت جماعت مسلم لیگ یگ ووٹ امیدوار حلقہ کامیابی بھارت مقبوضہوضہ وزیراعظم سیاسی عمل اسمبلی نشستوں نتانتائج الیکشن کمیشن تحریک آزادی کے لئے او اور کی میں سے کو پر ہے تھا گیا کیا ہیں یں جس نے ان کے ساتھ بعد وقت قوم فیصلہ عد عدالت صدر پارٹی رہنما اعلان مرکزی ضلع مع مظفرآباد میرپور باغ راولاکوٹ کوٹلی پونپونچھ نیلم حویلی بھمبر سدھنوتی پاکستان انتخابات آزاد ریاست عوام نے حکومکومت جماعت مسلم لیگ ووٹ امیدوار حلقہ کامکامیابی بھارت مقبوضہ وزیراعظم سیاسی عمل مل اسمبلی نشستوں نتائج الیکشن کمیشن تحریحریک آزادی کے لئے اور کی میں سے کو پر ہے ہے تھا گیا کیا ہیں جس نے ان کے ساتھ بعدبعد وقت قوم فیصلہ عدالت صدر پارٹی رہنما ما اعلان مرکزی ضلع مظفرآباد میرپور باغ رغ راولاکوٹ کوٹلی پونچھ نیلم حویلی بھمبر بر سدھنوتی د ریاست عوام نے حکومت جماعت مسلم لیگ ووٹووٹ امیدوار حلقہ کامیابی بھارت مقبوضہ وز وزیراعظم سیاسی عمل اسمبلی نشستوں نتائج ئج الیکشن کمیشن تحریک آزادی کے لئے اور کر کی میں سے کو پر ہے تھا گیا کیا ہیں جس جس نے ان کے ساتھ بعد وقت قوم فیصلہ عدالتالت صدر پارٹی
42
ظفرآباد میرپور باغ راولاکوٹ کوٹلی پونچھ چھ نیلم حویلی بھمبر سدھنوتی ستان انتخابات آزاد ریاست عوام نے حکومت جت جماعت مسلم لیگ ووٹ امیدوار حلقہ کامیابیابی بھارت مقبوضہ وزیراعظم سیاسی
43
اسمبلی نشستوں نتائج الیکشن کمیشن تحریک آک آزادی کے لئے اور کی میں سے کو پر ہے تھ تھا گیا کیا ہیں جس نے ان کے ساتھ بعد وق وقت قوم فیصلہ عدالت صدر پارٹی
44
اعلان مرکزی ضلع مظفرآباد میرپور باغ راولاولاکوٹ کوٹلی پونچھ نیلم حویلی بھمبر سدھسدھنوتی یاست عوام نے حکومت جماعت مسلم لیگ ووٹ ام امیدوار حلقہ کامیابی بھارت مقبوضہ وزیرایراعظم سیاسی عمل اسمبلی نشستوں نتائج الیالیکشن کمیشن تحریک آزادی کے لئے اور کی می میں سے کو پر ہے تھا گیا کیا ہیں جس نے نے ان کے ساتھ بعد وقت قوم فیصلہ عدالت صد صدر پارٹی رہنما اعلان مرکزی ضلع مظفرآباآباد میرپور باغ راولاک
45
نیلم حویلی بھمبر سدھنوتی ن انتخابات آزاد ریاست عوام نے حکومت جماعماعت مسلم لیگ ووٹ امیدوار
46
ی بھارت مقبوضہ وزیراعظم سیاسی عمل اسمبلیبلی نشستوں نتائج الیکشن کمیشن تحریک آزادزادی کے لئے اور کی میں سے کو پر ہے تھا گا گیا کیا ہیں جس نے ان کے ساتھ بعد وقت قت قوم فیصلہ عدالت صدر پارٹی رہنما اعلان ان مرکزی ضلع مظفرآباد میرپور باغ راولاکواکوٹ کوٹلی پونچھ نیلم حویلی بھمبر سدھنوتنوتی ت عوام نے حکومت جماعت مسلم لیگ ووٹ امیدویدوار حلقہ کامیابی بھارت مقبوضہ وزیراعظمعظم سیاسی عمل اسمبلی نشستوں نتائج الیکشنکشن کمیشن تحریک آزادی کے لئے اور کی میں یں سے کو پر ہے تھا گیا کیا ہیں جس نے ان ان کے ساتھ بعد وقت قوم فیصلہ عدالت صدر پر پارٹی رہنما اعلان مرکزی ضلع مظفرآباد مد میرپور باغ راولاکوٹ کوٹلی پونچھ نیلم حم حویلی بھمبر سدھنوتی نتخابات آزاد ریاست عوام نے حکومت جماعت مت مسلم لیگ ووٹ امیدوار حلقہ کامیابی بھارھارت مقبوضہ وزیراعظم سیاسی عمل اسمبلی نش نشستوں نتائج الیکشن کمیشن تحریک آزادی کی کے لئے اور کی میں سے کو پر ہے تھا گیا یا کیا ہیں جس نے ان کے ساتھ بعد وقت قوم وم فیصلہ عدالت صدر پارٹی رہنما اعلان مرکمرکزی ضلع مظفرآباد میرپور باغ راولاکوٹ کٹ کوٹلی پونچھ نیلم حویلی بھمبر سدھنوتی ی وام نے حکومت جماعت مسلم لیگ ووٹ امیدوار ار حلقہ کامیابی بھارت مقبوضہ وزیراعظم سی سیاسی عمل اسمبلی نشستوں نتائج الیکشن کم کمیشن تحریک آزادی کے لئے اور کی میں سے سے کو پر ہے تھا گیا کیا ہیں جس نے ان کے کے ساتھ بعد وقت قوم فیصلہ عدالت صدر پارٹارٹی رہنما اعلان مرکزی ضلع مظفرآباد میرپیرپور باغ راولاکوٹ کوٹلی پونچھ نیلم حویلویلی بھمبر س
47
ابات آزاد ریاست عوام نے حکومت جماعت مسلمسلم لیگ ووٹ امیدوار حلقہ کامیابی بھارت مت مقبوضہ وزیراعظم سیاسی عمل اسمبلی نشستو
